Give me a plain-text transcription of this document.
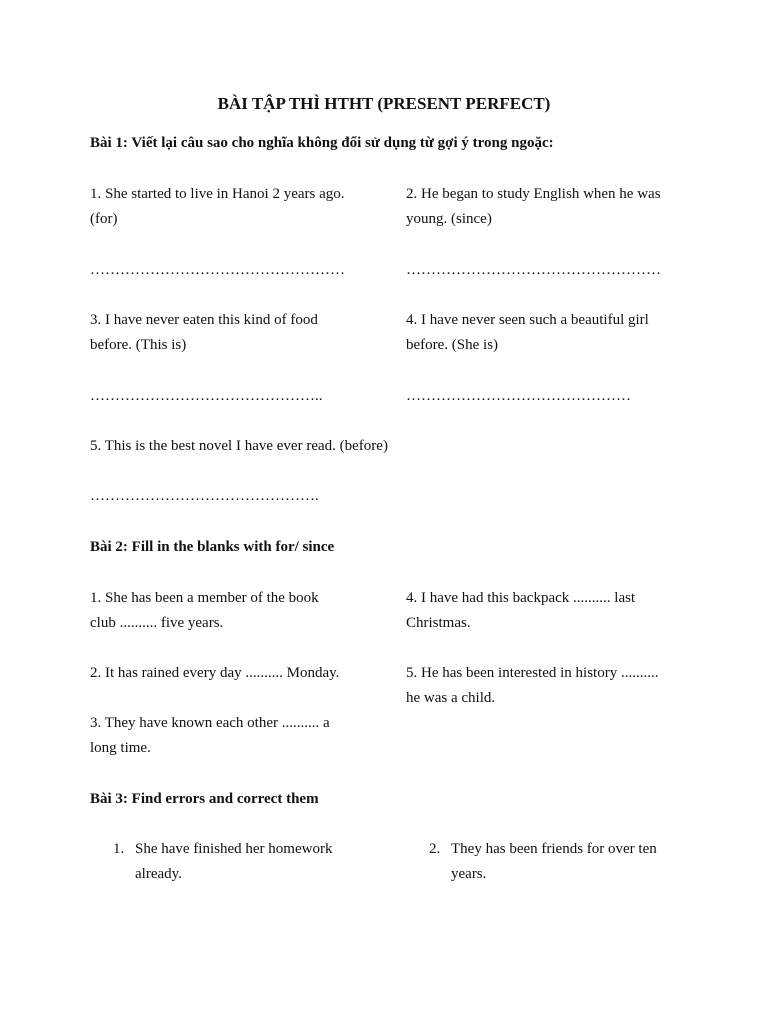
BÀI TẬP THÌ HTHT (PRESENT PERFECT)
Bài 1: Viết lại câu sao cho nghĩa không đổi sử dụng từ gợi ý trong ngoặc:
1. She started to live in Hanoi 2 years ago. (for)
2. He began to study English when he was young. (since)
……………………………………………	……………………………………………
3. I have never eaten this kind of food before. (This is)
4. I have never seen such a beautiful girl before. (She is)
………………………………………..	………………………………………
5. This is the best novel I have ever read. (before)
……………………………………….
Bài 2: Fill in the blanks with for/ since
1. She has been a member of the book club .......... five years.
4. I have had this backpack .......... last Christmas.
2. It has rained every day .......... Monday.	5. He has been interested in history .......... he was a child.
3. They have known each other .......... a long time.
Bài 3: Find errors and correct them
1. She have finished her homework already.
2. They has been friends for over ten years.
